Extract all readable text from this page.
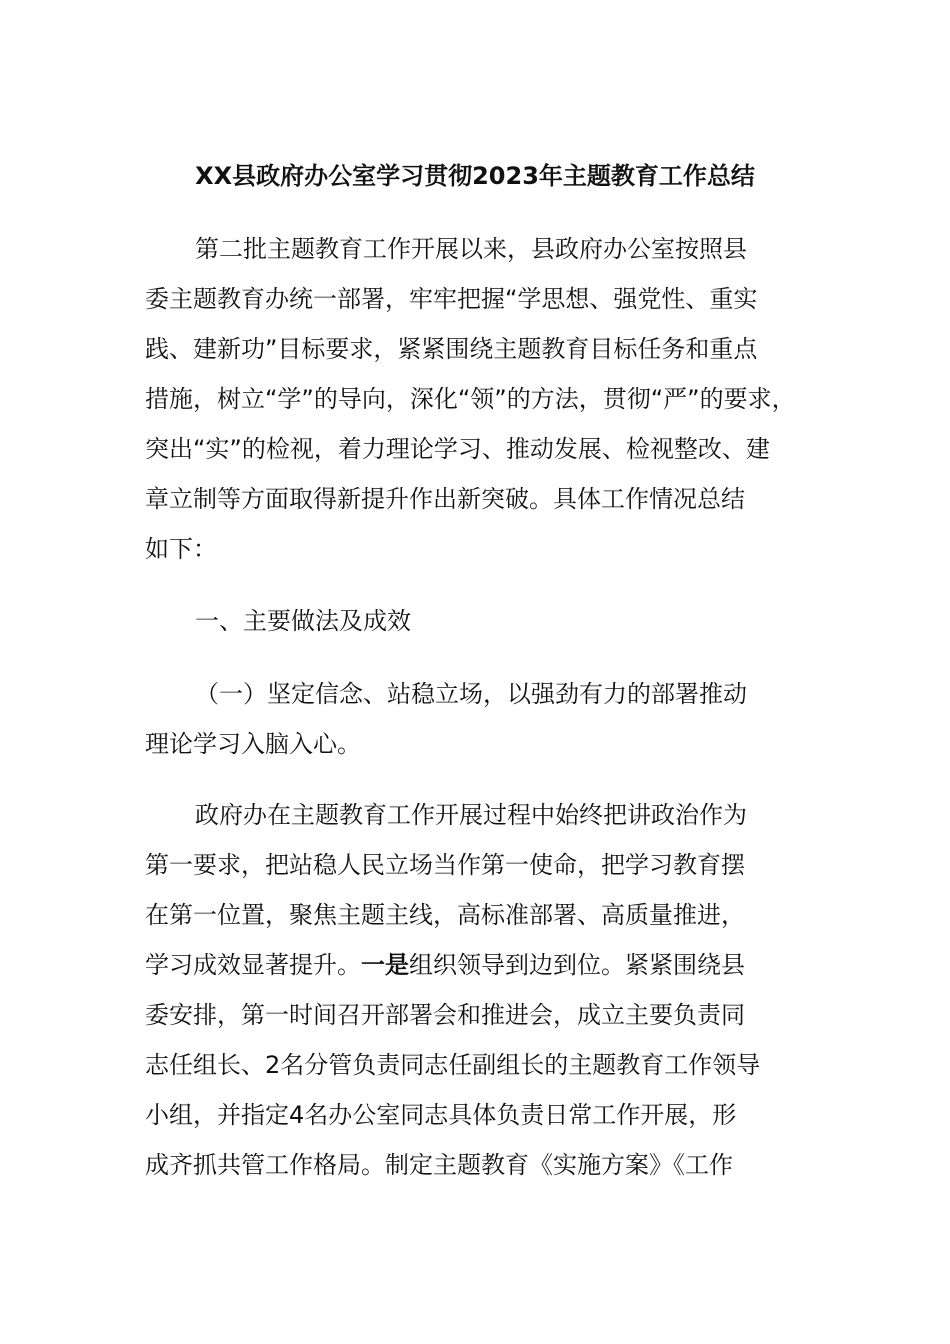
XX县政府办公室学习贯彻2023年主题教育工作总结

第二批主题教育工作开展以来，县政府办公室按照县

委主题教育办统一部署，牢牢把握“学思想、强党性、重实

践、建新功”目标要求，紧紧围绕主题教育目标任务和重点

措施，树立“学”的导向，深化“领”的方法，贯彻“严”的要求，

突出“实”的检视，着力理论学习、推动发展、检视整改、建

章立制等方面取得新提升作出新突破。具体工作情况总结

如下：

一、主要做法及成效

（一）坚定信念、站稳立场，以强劲有力的部署推动

理论学习入脑入心。

政府办在主题教育工作开展过程中始终把讲政治作为

第一要求，把站稳人民立场当作第一使命，把学习教育摆

在第一位置，聚焦主题主线，高标准部署、高质量推进，

学习成效显著提升。一是组织领导到边到位。紧紧围绕县

委安排，第一时间召开部署会和推进会，成立主要负责同

志任组长、2名分管负责同志任副组长的主题教育工作领导

小组，并指定4名办公室同志具体负责日常工作开展，形

成齐抓共管工作格局。制定主题教育《实施方案》《工作
